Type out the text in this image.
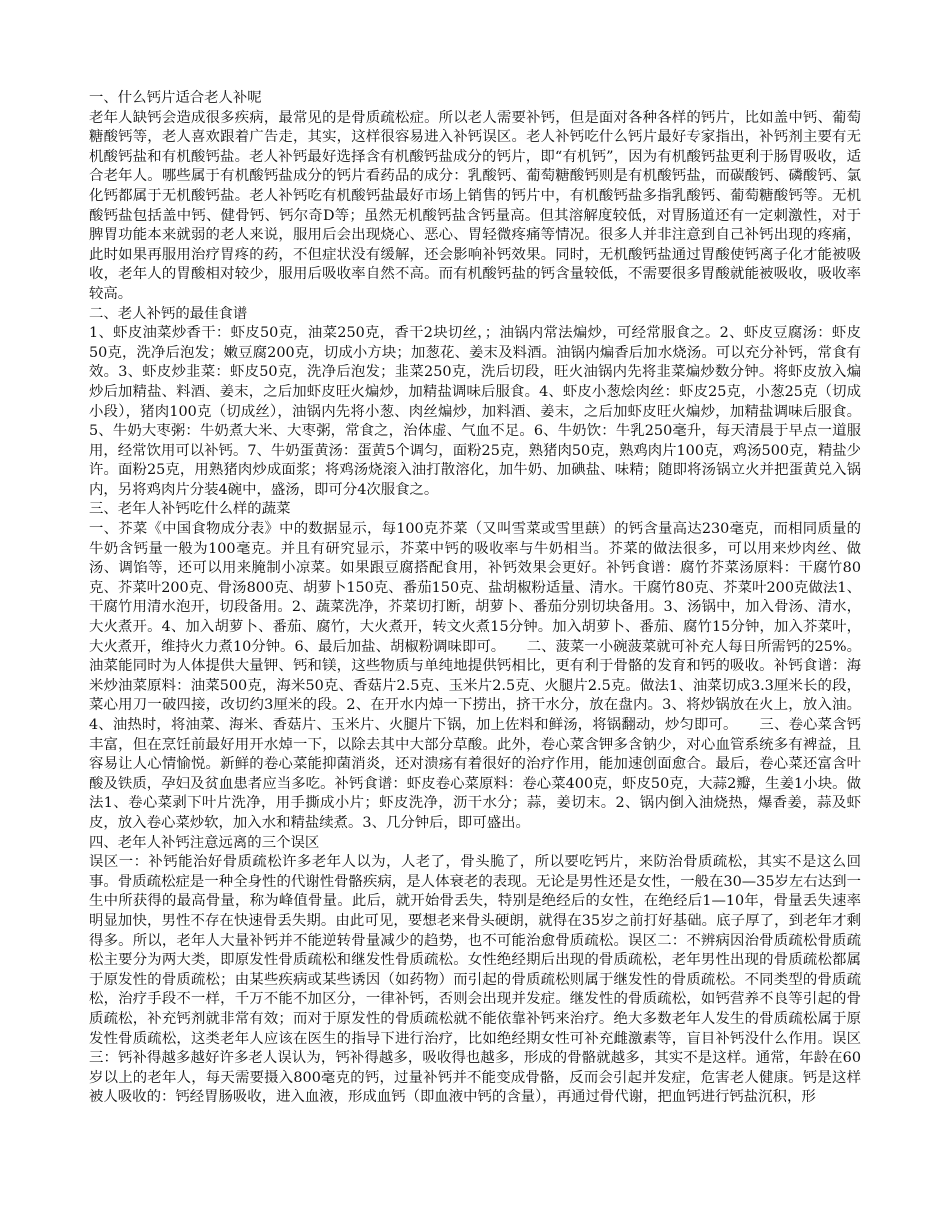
一、什么钙片适合老人补呢

老年人缺钙会造成很多疾病，最常见的是骨质疏松症。所以老人需要补钙，但是面对各种各样的钙片，比如盖中钙、葡萄糖酸钙等，老人喜欢跟着广告走，其实，这样很容易进入补钙误区。老人补钙吃什么钙片最好专家指出，补钙剂主要有无机酸钙盐和有机酸钙盐。老人补钙最好选择含有机酸钙盐成分的钙片，即“有机钙”，因为有机酸钙盐更利于肠胃吸收，适合老年人。哪些属于有机酸钙盐成分的钙片看药品的成分：乳酸钙、葡萄糖酸钙则是有机酸钙盐，而碳酸钙、磷酸钙、氯化钙都属于无机酸钙盐。老人补钙吃有机酸钙盐最好市场上销售的钙片中，有机酸钙盐多指乳酸钙、葡萄糖酸钙等。无机酸钙盐包括盖中钙、健骨钙、钙尔奇D等；虽然无机酸钙盐含钙量高。但其溶解度较低，对胃肠道还有一定刺激性，对于脾胃功能本来就弱的老人来说，服用后会出现烧心、恶心、胃轻微疼痛等情况。很多人并非注意到自己补钙出现的疼痛，此时如果再服用治疗胃疼的药，不但症状没有缓解，还会影响补钙效果。同时，无机酸钙盐通过胃酸使钙离子化才能被吸收，老年人的胃酸相对较少，服用后吸收率自然不高。而有机酸钙盐的钙含量较低，不需要很多胃酸就能被吸收，吸收率较高。

二、老人补钙的最佳食谱

1、虾皮油菜炒香干：虾皮50克，油菜250克，香干2块切丝，；油锅内常法煸炒，可经常服食之。2、虾皮豆腐汤：虾皮50克，洗净后泡发；嫩豆腐200克，切成小方块；加葱花、姜末及料酒。油锅内煸香后加水烧汤。可以充分补钙，常食有效。3、虾皮炒韭菜：虾皮50克，洗净后泡发；韭菜250克，洗后切段，旺火油锅内先将韭菜煸炒数分钟。将虾皮放入煸炒后加精盐、料酒、姜末，之后加虾皮旺火煸炒，加精盐调味后服食。4、虾皮小葱烩肉丝：虾皮25克，小葱25克（切成小段），猪肉100克（切成丝），油锅内先将小葱、肉丝煸炒，加料酒、姜末，之后加虾皮旺火煸炒，加精盐调味后服食。5、牛奶大枣粥：牛奶煮大米、大枣粥，常食之，治体虚、气血不足。6、牛奶饮：牛乳250毫升，每天清晨于早点一道服用，经常饮用可以补钙。7、牛奶蛋黄汤：蛋黄5个调匀，面粉25克，熟猪肉50克，熟鸡肉片100克，鸡汤500克，精盐少许。面粉25克，用熟猪肉炒成面浆；将鸡汤烧滚入油打散溶化，加牛奶、加碘盐、味精；随即将汤锅立火并把蛋黄兑入锅内，另将鸡肉片分装4碗中，盛汤，即可分4次服食之。

三、老年人补钙吃什么样的蔬菜

一、芥菜《中国食物成分表》中的数据显示，每100克芥菜（又叫雪菜或雪里蕻）的钙含量高达230毫克，而相同质量的牛奶含钙量一般为100毫克。并且有研究显示，芥菜中钙的吸收率与牛奶相当。芥菜的做法很多，可以用来炒肉丝、做汤、调馅等，还可以用来腌制小凉菜。如果跟豆腐搭配食用，补钙效果会更好。补钙食谱：腐竹芥菜汤原料：干腐竹80克、芥菜叶200克、骨汤800克、胡萝卜150克、番茄150克、盐胡椒粉适量、清水。干腐竹80克、芥菜叶200克做法1、干腐竹用清水泡开，切段备用。2、蔬菜洗净，芥菜切打断，胡萝卜、番茄分别切块备用。3、汤锅中，加入骨汤、清水，大火煮开。4、加入胡萝卜、番茄、腐竹，大火煮开，转文火煮15分钟。加入胡萝卜、番茄、腐竹15分钟，加入芥菜叶，大火煮开，维持火力煮10分钟。6、最后加盐、胡椒粉调味即可。　　二、菠菜一小碗菠菜就可补充人每日所需钙的25%。油菜能同时为人体提供大量钾、钙和镁，这些物质与单纯地提供钙相比，更有利于骨骼的发育和钙的吸收。补钙食谱：海米炒油菜原料：油菜500克，海米50克、香菇片2.5克、玉米片2.5克、火腿片2.5克。做法1、油菜切成3.3厘米长的段，菜心用刀一破四接，改切约3厘米的段。2、在开水内焯一下捞出，挤干水分，放在盘内。3、将炒锅放在火上，放入油。4、油热时，将油菜、海米、香菇片、玉米片、火腿片下锅，加上佐料和鲜汤，将锅翻动，炒匀即可。　　三、卷心菜含钙丰富，但在烹饪前最好用开水焯一下，以除去其中大部分草酸。此外，卷心菜含钾多含钠少，对心血管系统多有裨益，且容易让人心情愉悦。新鲜的卷心菜能抑菌消炎，还对溃疡有着很好的治疗作用，能加速创面愈合。最后，卷心菜还富含叶酸及铁质，孕妇及贫血患者应当多吃。补钙食谱：虾皮卷心菜原料：卷心菜400克，虾皮50克，大蒜2瓣，生姜1小块。做法1、卷心菜剥下叶片洗净，用手撕成小片；虾皮洗净，沥干水分；蒜，姜切末。2、锅内倒入油烧热，爆香姜，蒜及虾皮，放入卷心菜炒软，加入水和精盐续煮。3、几分钟后，即可盛出。

四、老年人补钙注意远离的三个误区

误区一：补钙能治好骨质疏松许多老年人以为，人老了，骨头脆了，所以要吃钙片，来防治骨质疏松，其实不是这么回事。骨质疏松症是一种全身性的代谢性骨骼疾病，是人体衰老的表现。无论是男性还是女性，一般在30—35岁左右达到一生中所获得的最高骨量，称为峰值骨量。此后，就开始骨丢失，特别是绝经后的女性，在绝经后1—10年，骨量丢失速率明显加快，男性不存在快速骨丢失期。由此可见，要想老来骨头硬朗，就得在35岁之前打好基础。底子厚了，到老年才剩得多。所以，老年人大量补钙并不能逆转骨量减少的趋势，也不可能治愈骨质疏松。误区二：不辨病因治骨质疏松骨质疏松主要分为两大类，即原发性骨质疏松和继发性骨质疏松。女性绝经期后出现的骨质疏松，老年男性出现的骨质疏松都属于原发性的骨质疏松；由某些疾病或某些诱因（如药物）而引起的骨质疏松则属于继发性的骨质疏松。不同类型的骨质疏松，治疗手段不一样，千万不能不加区分，一律补钙，否则会出现并发症。继发性的骨质疏松，如钙营养不良等引起的骨质疏松，补充钙剂就非常有效；而对于原发性的骨质疏松就不能依靠补钙来治疗。绝大多数老年人发生的骨质疏松属于原发性骨质疏松，这类老年人应该在医生的指导下进行治疗，比如绝经期女性可补充雌激素等，盲目补钙没什么作用。误区三：钙补得越多越好许多老人误认为，钙补得越多，吸收得也越多，形成的骨骼就越多，其实不是这样。通常，年龄在60岁以上的老年人，每天需要摄入800毫克的钙，过量补钙并不能变成骨骼，反而会引起并发症，危害老人健康。钙是这样被人吸收的：钙经胃肠吸收，进入血液，形成血钙（即血液中钙的含量），再通过骨代谢，把血钙进行钙盐沉积，形
